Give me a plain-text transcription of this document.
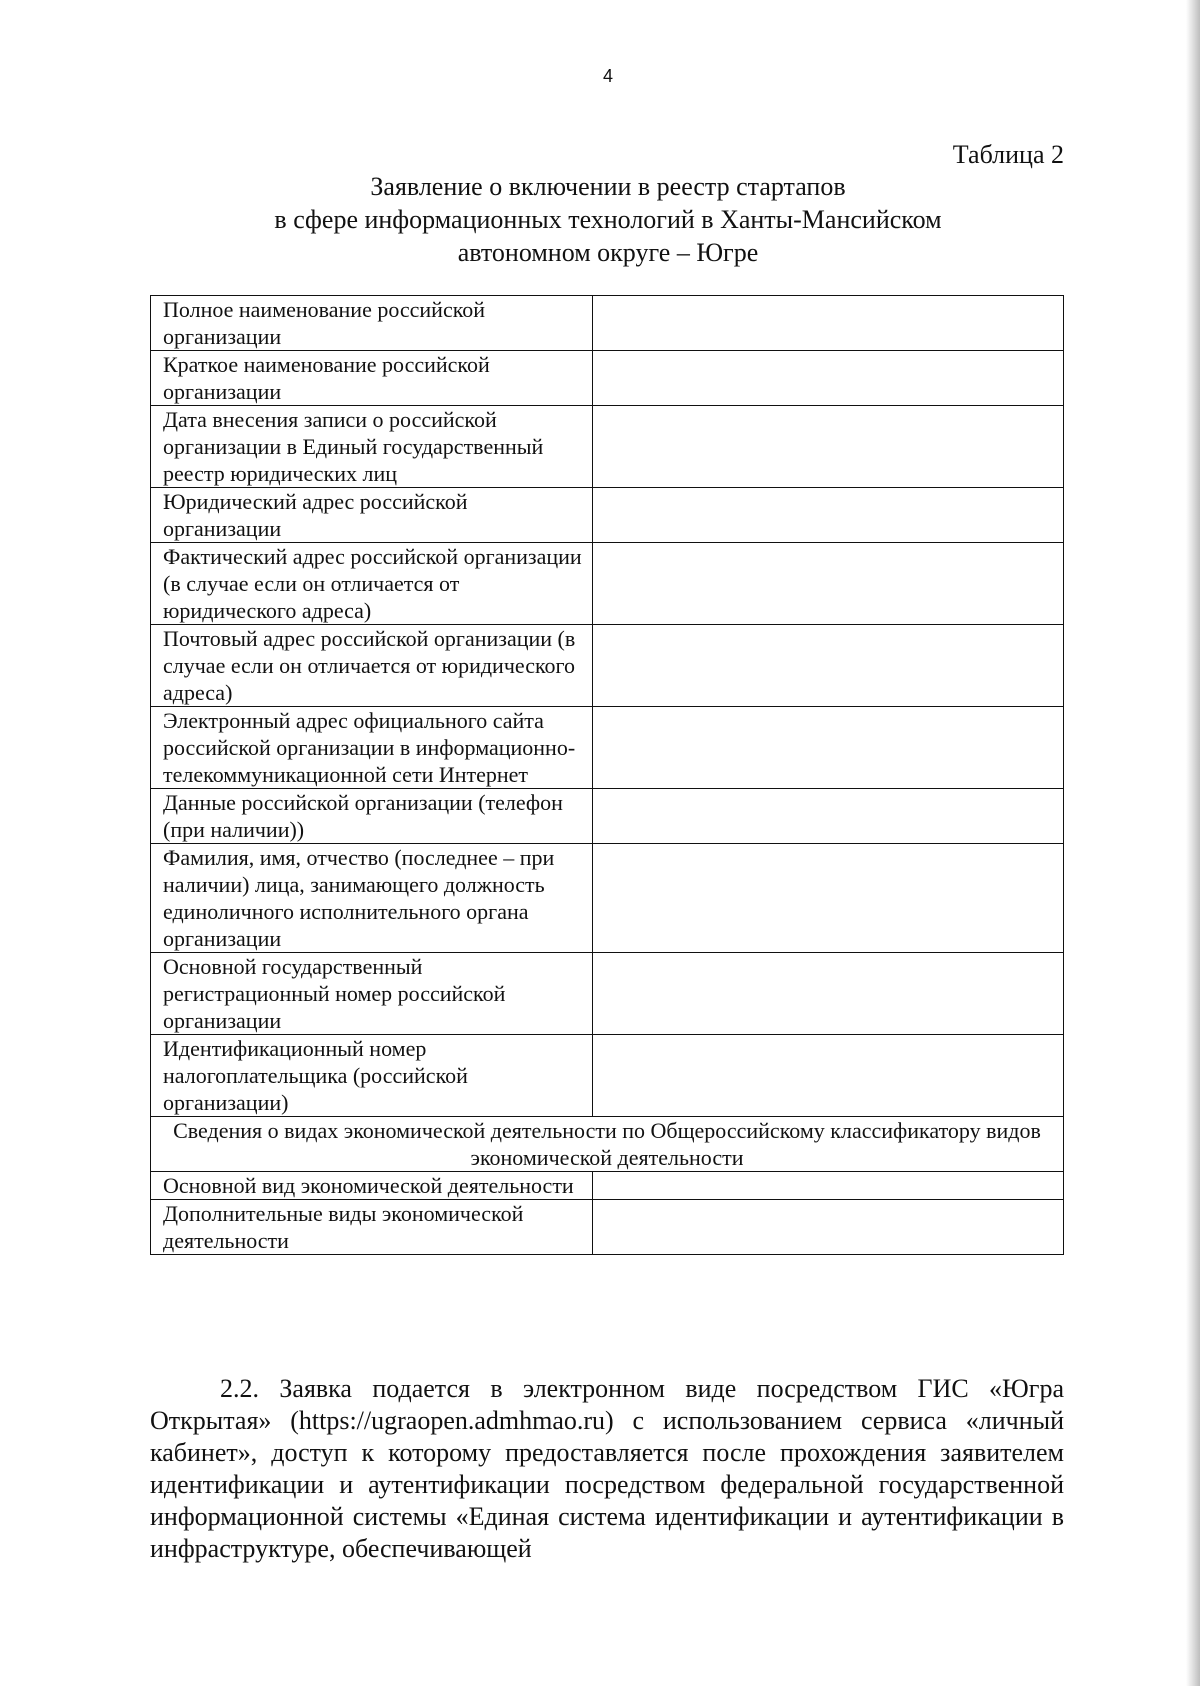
4
Таблица 2
Заявление о включении в реестр стартапов
в сфере информационных технологий в Ханты-Мансийском
автономном округе – Югре
Полное наименование российской организации	
Краткое наименование российской организации	
Дата внесения записи о российской организации в Единый государственный реестр юридических лиц	
Юридический адрес российской организации	
Фактический адрес российской организации (в случае если он отличается от юридического адреса)	
Почтовый адрес российской организации (в случае если он отличается от юридического адреса)	
Электронный адрес официального сайта российской организации в информационно-телекоммуникационной сети Интернет	
Данные российской организации (телефон (при наличии))	
Фамилия, имя, отчество (последнее – при наличии) лица, занимающего должность единоличного исполнительного органа организации	
Основной государственный регистрационный номер российской организации	
Идентификационный номер налогоплательщика (российской организации)	
Сведения о видах экономической деятельности по Общероссийскому классификатору видов экономической деятельности	
Основной вид экономической деятельности	
Дополнительные виды экономической деятельности	

2.2. Заявка подается в электронном виде посредством ГИС «Югра Открытая» (https://ugraopen.admhmao.ru) с использованием сервиса «личный кабинет», доступ к которому предоставляется после прохождения заявителем идентификации и аутентификации посредством федеральной государственной информационной системы «Единая система идентификации и аутентификации в инфраструктуре, обеспечивающей
